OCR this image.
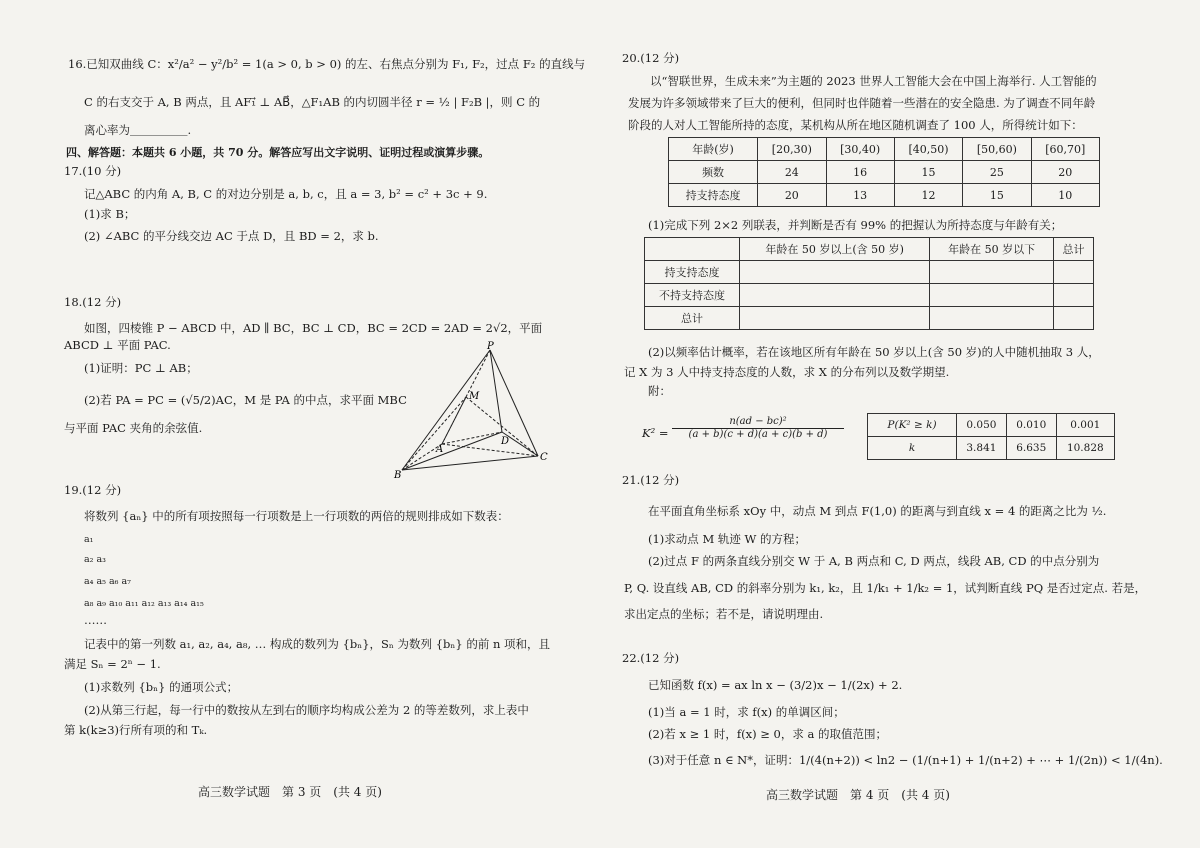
16.已知双曲线 C：x²/a² − y²/b² = 1(a > 0, b > 0) 的左、右焦点分别为 F₁, F₂，过点 F₂ 的直线与
C 的右支交于 A, B 两点，且 AF₁⃗ ⊥ AB⃗，△F₁AB 的内切圆半径 r = ½ | F₂B |，则 C 的
离心率为＿＿＿＿＿.
四、解答题：本题共 6 小题，共 70 分。解答应写出文字说明、证明过程或演算步骤。
17.(10 分)
记△ABC 的内角 A, B, C 的对边分别是 a, b, c，且 a = 3, b² = c² + 3c + 9.
(1)求 B；
(2) ∠ABC 的平分线交边 AC 于点 D，且 BD = 2，求 b.
18.(12 分)
如图，四棱锥 P − ABCD 中，AD ∥ BC，BC ⊥ CD，BC = 2CD = 2AD = 2√2，平面
ABCD ⊥ 平面 PAC.
(1)证明：PC ⊥ AB；
(2)若 PA = PC = (√5/2)AC，M 是 PA 的中点，求平面 MBC
与平面 PAC 夹角的余弦值.
P
M
A
D
B
C
19.(12 分)
将数列 {aₙ} 中的所有项按照每一行项数是上一行项数的两倍的规则排成如下数表：
a₁
a₂ a₃
a₄ a₅ a₆ a₇
a₈ a₉ a₁₀ a₁₁ a₁₂ a₁₃ a₁₄ a₁₅
……
记表中的第一列数 a₁, a₂, a₄, a₈, … 构成的数列为 {bₙ}，Sₙ 为数列 {bₙ} 的前 n 项和，且
满足 Sₙ = 2ⁿ − 1.
(1)求数列 {bₙ} 的通项公式；
(2)从第三行起，每一行中的数按从左到右的顺序均构成公差为 2 的等差数列，求上表中
第 k(k≥3)行所有项的和 Tₖ.
高三数学试题　第 3 页　(共 4 页)
20.(12 分)
以“智联世界，生成未来”为主题的 2023 世界人工智能大会在中国上海举行. 人工智能的
发展为许多领域带来了巨大的便利，但同时也伴随着一些潜在的安全隐患. 为了调查不同年龄
阶段的人对人工智能所持的态度，某机构从所在地区随机调查了 100 人，所得统计如下：
年龄(岁)	[20,30)	[30,40)	[40,50)	[50,60)	[60,70]
频数	24	16	15	25	20
持支持态度	20	13	12	15	10
(1)完成下列 2×2 列联表，并判断是否有 99% 的把握认为所持态度与年龄有关；
	年龄在 50 岁以上(含 50 岁)	年龄在 50 岁以下	总计
持支持态度			
不持支持态度			
总计			
(2)以频率估计概率，若在该地区所有年龄在 50 岁以上(含 50 岁)的人中随机抽取 3 人，
记 X 为 3 人中持支持态度的人数，求 X 的分布列以及数学期望.
附：
$K^2 = \frac{\text{n(ad − bc)²}}{(a + b)(c + d)(a + c)(b + d)}$	P(K² ≥ k)	0.050	0.010	0.001
k	3.841	6.635	10.828
21.(12 分)
在平面直角坐标系 xOy 中，动点 M 到点 F(1,0) 的距离与到直线 x = 4 的距离之比为 ½.
(1)求动点 M 轨迹 W 的方程；
(2)过点 F 的两条直线分别交 W 于 A, B 两点和 C, D 两点，线段 AB, CD 的中点分别为
P, Q. 设直线 AB, CD 的斜率分别为 k₁, k₂，且 1/k₁ + 1/k₂ = 1，试判断直线 PQ 是否过定点. 若是，
求出定点的坐标；若不是，请说明理由.
22.(12 分)
已知函数 f(x) = ax ln x − (3/2)x − 1/(2x) + 2.
(1)当 a = 1 时，求 f(x) 的单调区间；
(2)若 x ≥ 1 时，f(x) ≥ 0，求 a 的取值范围；
(3)对于任意 n ∈ N*，证明：1/(4(n+2)) < ln2 − (1/(n+1) + 1/(n+2) + ⋯ + 1/(2n)) < 1/(4n).
高三数学试题　第 4 页　(共 4 页)
